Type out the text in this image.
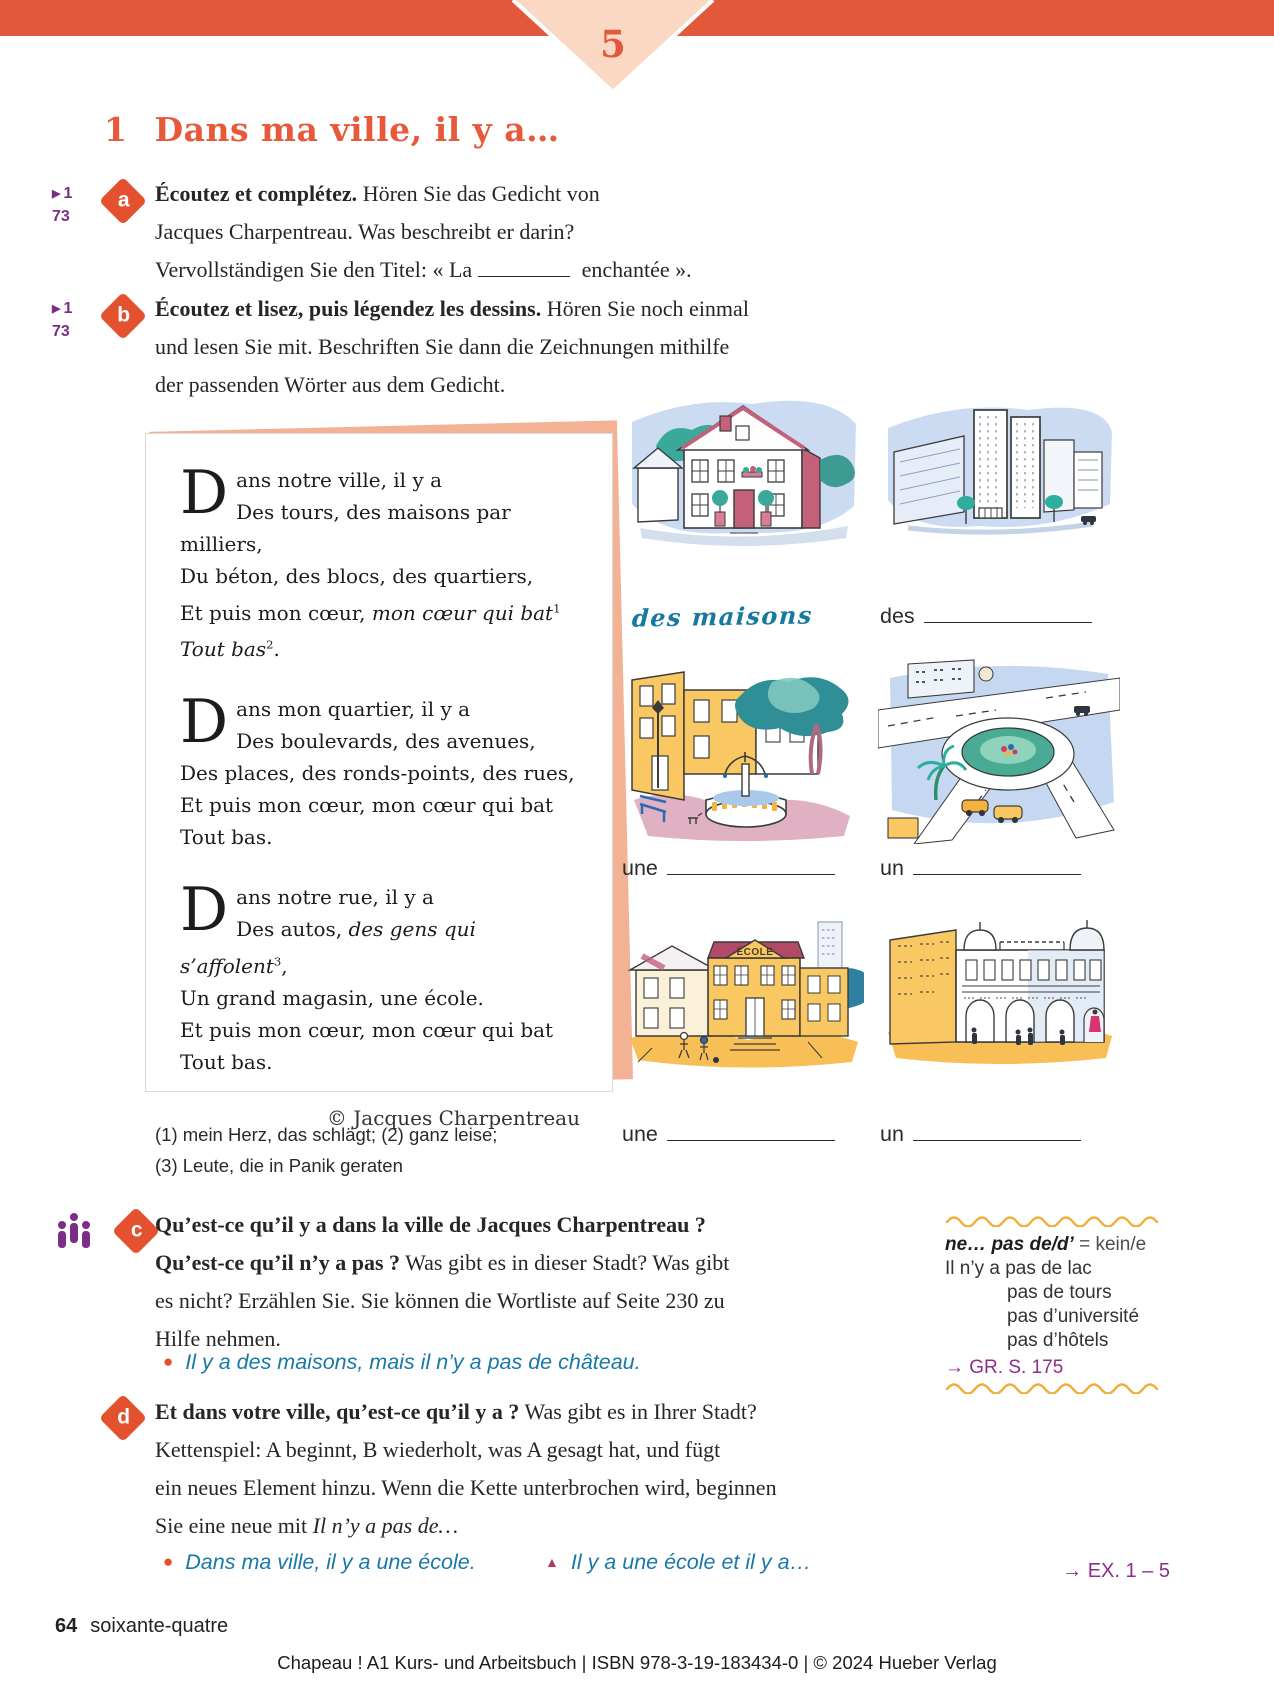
5
1 Dans ma ville, il y a…
▶ 1
73
a	Écoutez et complétez. Hören Sie das Gedicht von
Jacques Charpentreau. Was beschreibt er darin?
Vervollständigen Sie den Titel: « La	enchantée ».
▶ 1
73
b	Écoutez et lisez, puis légendez les dessins. Hören Sie noch einmal
und lesen Sie mit. Beschriften Sie dann die Zeichnungen mithilfe
der passenden Wörter aus dem Gedicht.
Dans notre ville, il y a
Des tours, des maisons par milliers,
Du béton, des blocs, des quartiers,
Et puis mon cœur, mon cœur qui bat$^1$
Tout bas$^2$.
Dans mon quartier, il y a
Des boulevards, des avenues,
Des places, des ronds-points, des rues,
Et puis mon cœur, mon cœur qui bat
Tout bas.
Dans notre rue, il y a
Des autos, des gens qui s’affolent$^3$,
Un grand magasin, une école.
Et puis mon cœur, mon cœur qui bat
Tout bas.
© Jacques Charpentreau
(1) mein Herz, das schlägt; (2) ganz leise;
(3) Leute, die in Panik geraten
des maisons	des
une	un
ÉCOLE
une	un
c Qu’est-ce qu’il y a dans la ville de Jacques Charpentreau ?
Qu’est-ce qu’il n’y a pas ? Was gibt es in dieser Stadt? Was gibt
es nicht? Erzählen Sie. Sie können die Wortliste auf Seite 230 zu
Hilfe nehmen.
● Il y a des maisons, mais il n’y a pas de château.
ne… pas de/d’ = kein/e
Il n’y a pas de lac
pas de tours
pas d’université
pas d’hôtels
→ GR. S. 175
d	Et dans votre ville, qu’est-ce qu’il y a ? Was gibt es in Ihrer Stadt?
Kettenspiel: A beginnt, B wiederholt, was A gesagt hat, und fügt
ein neues Element hinzu. Wenn die Kette unterbrochen wird, beginnen
Sie eine neue mit Il n’y a pas de…
● Dans ma ville, il y a une école.	▲ Il y a une école et il y a…	→ EX. 1 – 5
64 soixante-quatre
Chapeau ! A1 Kurs- und Arbeitsbuch | ISBN 978-3-19-183434-0 | © 2024 Hueber Verlag
